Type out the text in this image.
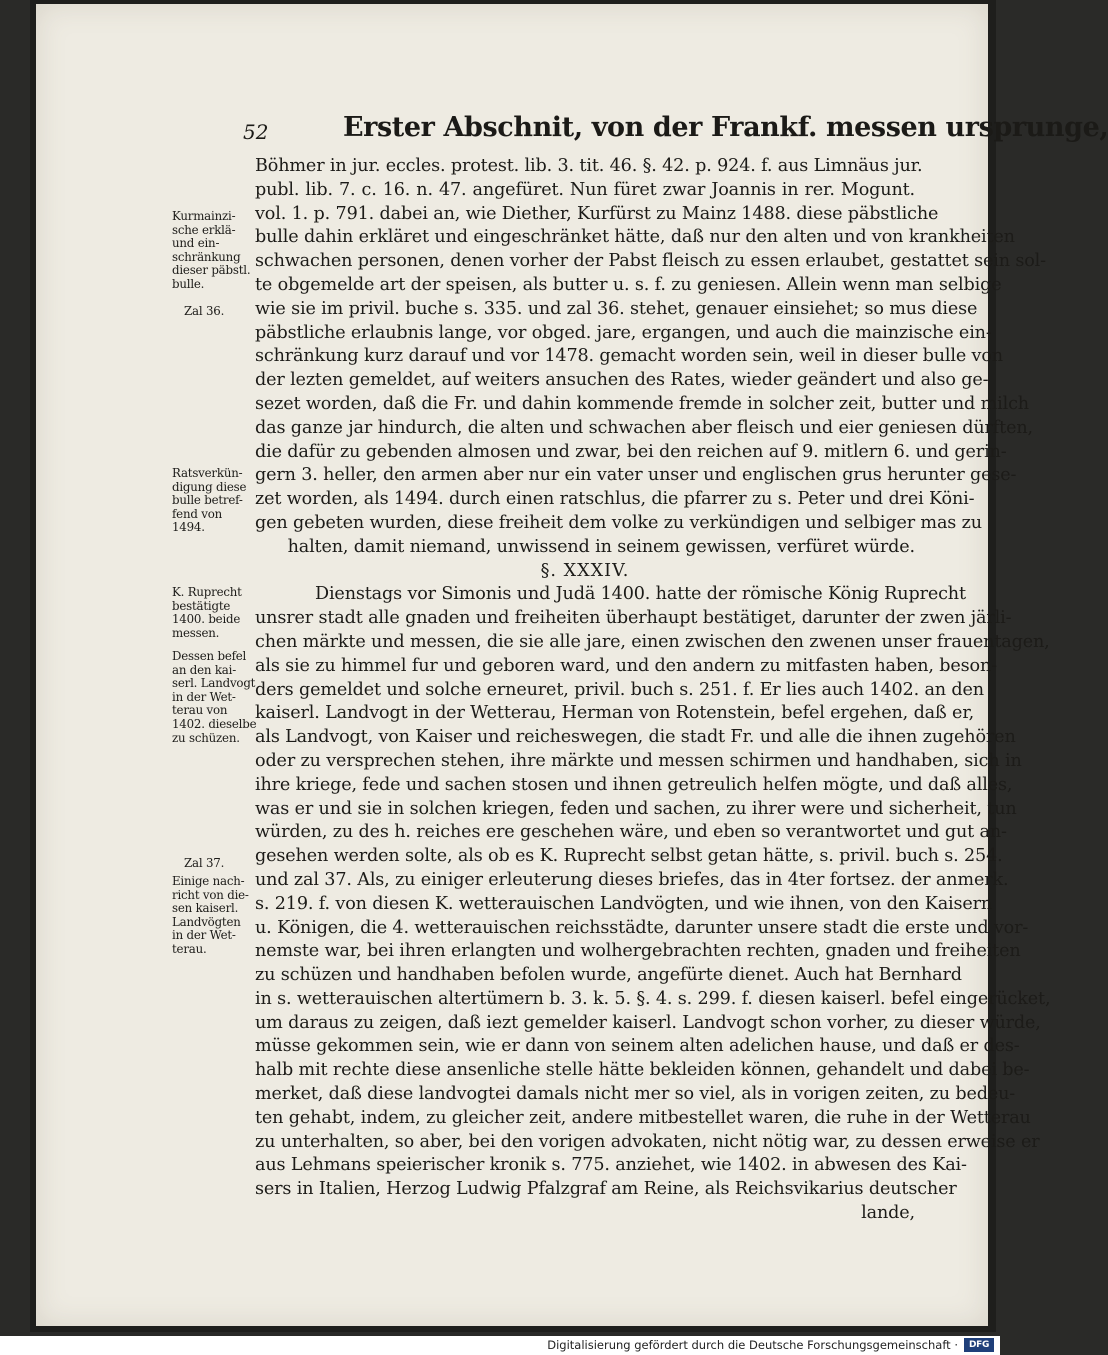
52	Erster Abschnit, von der Frankf. messen ursprunge,
Böhmer in jur. eccles. protest. lib. 3. tit. 46. §. 42. p. 924. f. aus Limnäus jur.
publ. lib. 7. c. 16. n. 47. angefüret. Nun füret zwar Joannis in rer. Mogunt.
vol. 1. p. 791. dabei an, wie Diether, Kurfürst zu Mainz 1488. diese päbstliche
bulle dahin erkläret und eingeschränket hätte, daß nur den alten und von krankheiten
schwachen personen, denen vorher der Pabst fleisch zu essen erlaubet, gestattet sein sol-
te obgemelde art der speisen, als butter u. s. f. zu geniesen. Allein wenn man selbige
wie sie im privil. buche s. 335. und zal 36. stehet, genauer einsiehet; so mus diese
päbstliche erlaubnis lange, vor obged. jare, ergangen, und auch die mainzische ein-
schränkung kurz darauf und vor 1478. gemacht worden sein, weil in dieser bulle von
der lezten gemeldet, auf weiters ansuchen des Rates, wieder geändert und also ge-
sezet worden, daß die Fr. und dahin kommende fremde in solcher zeit, butter und milch
das ganze jar hindurch, die alten und schwachen aber fleisch und eier geniesen dürften,
die dafür zu gebenden almosen und zwar, bei den reichen auf 9. mitlern 6. und gerin-
gern 3. heller, den armen aber nur ein vater unser und englischen grus herunter gese-
zet worden, als 1494. durch einen ratschlus, die pfarrer zu s. Peter und drei Köni-
gen gebeten wurden, diese freiheit dem volke zu verkündigen und selbiger mas zu
halten, damit niemand, unwissend in seinem gewissen, verfüret würde.
§. XXXIV.
Dienstags vor Simonis und Judä 1400. hatte der römische König Ruprecht
unsrer stadt alle gnaden und freiheiten überhaupt bestätiget, darunter der zwen järli-
chen märkte und messen, die sie alle jare, einen zwischen den zwenen unser frauentagen,
als sie zu himmel fur und geboren ward, und den andern zu mitfasten haben, beson-
ders gemeldet und solche erneuret, privil. buch s. 251. f. Er lies auch 1402. an den
kaiserl. Landvogt in der Wetterau, Herman von Rotenstein, befel ergehen, daß er,
als Landvogt, von Kaiser und reicheswegen, die stadt Fr. und alle die ihnen zugehören
oder zu versprechen stehen, ihre märkte und messen schirmen und handhaben, sich in
ihre kriege, fede und sachen stosen und ihnen getreulich helfen mögte, und daß alles,
was er und sie in solchen kriegen, feden und sachen, zu ihrer were und sicherheit, tun
würden, zu des h. reiches ere geschehen wäre, und eben so verantwortet und gut an-
gesehen werden solte, als ob es K. Ruprecht selbst getan hätte, s. privil. buch s. 254.
und zal 37. Als, zu einiger erleuterung dieses briefes, das in 4ter fortsez. der anmerk.
s. 219. f. von diesen K. wetterauischen Landvögten, und wie ihnen, von den Kaisern
u. Königen, die 4. wetterauischen reichsstädte, darunter unsere stadt die erste und vor-
nemste war, bei ihren erlangten und wolhergebrachten rechten, gnaden und freiheiten
zu schüzen und handhaben befolen wurde, angefürte dienet. Auch hat Bernhard
in s. wetterauischen altertümern b. 3. k. 5. §. 4. s. 299. f. diesen kaiserl. befel eingerücket,
um daraus zu zeigen, daß iezt gemelder kaiserl. Landvogt schon vorher, zu dieser würde,
müsse gekommen sein, wie er dann von seinem alten adelichen hause, und daß er des-
halb mit rechte diese ansenliche stelle hätte bekleiden können, gehandelt und dabei be-
merket, daß diese landvogtei damals nicht mer so viel, als in vorigen zeiten, zu bedeu-
ten gehabt, indem, zu gleicher zeit, andere mitbestellet waren, die ruhe in der Wetterau
zu unterhalten, so aber, bei den vorigen advokaten, nicht nötig war, zu dessen erweise er
aus Lehmans speierischer kronik s. 775. anziehet, wie 1402. in abwesen des Kai-
sers in Italien, Herzog Ludwig Pfalzgraf am Reine, als Reichsvikarius deutscher
lande,
Kurmainzi-
sche erklä-
und ein-
schränkung
dieser päbstl.
bulle.
Zal 36.
Ratsverkün-
digung diese
bulle betref-
fend von
1494.
K. Ruprecht
bestätigte
1400. beide
messen.
Dessen befel
an den kai-
serl. Landvogt
in der Wet-
terau von
1402. dieselbe
zu schüzen.
Zal 37.
Einige nach-
richt von die-
sen kaiserl.
Landvögten
in der Wet-
terau.
Digitalisierung gefördert durch die Deutsche Forschungsgemeinschaft ·	DFG
